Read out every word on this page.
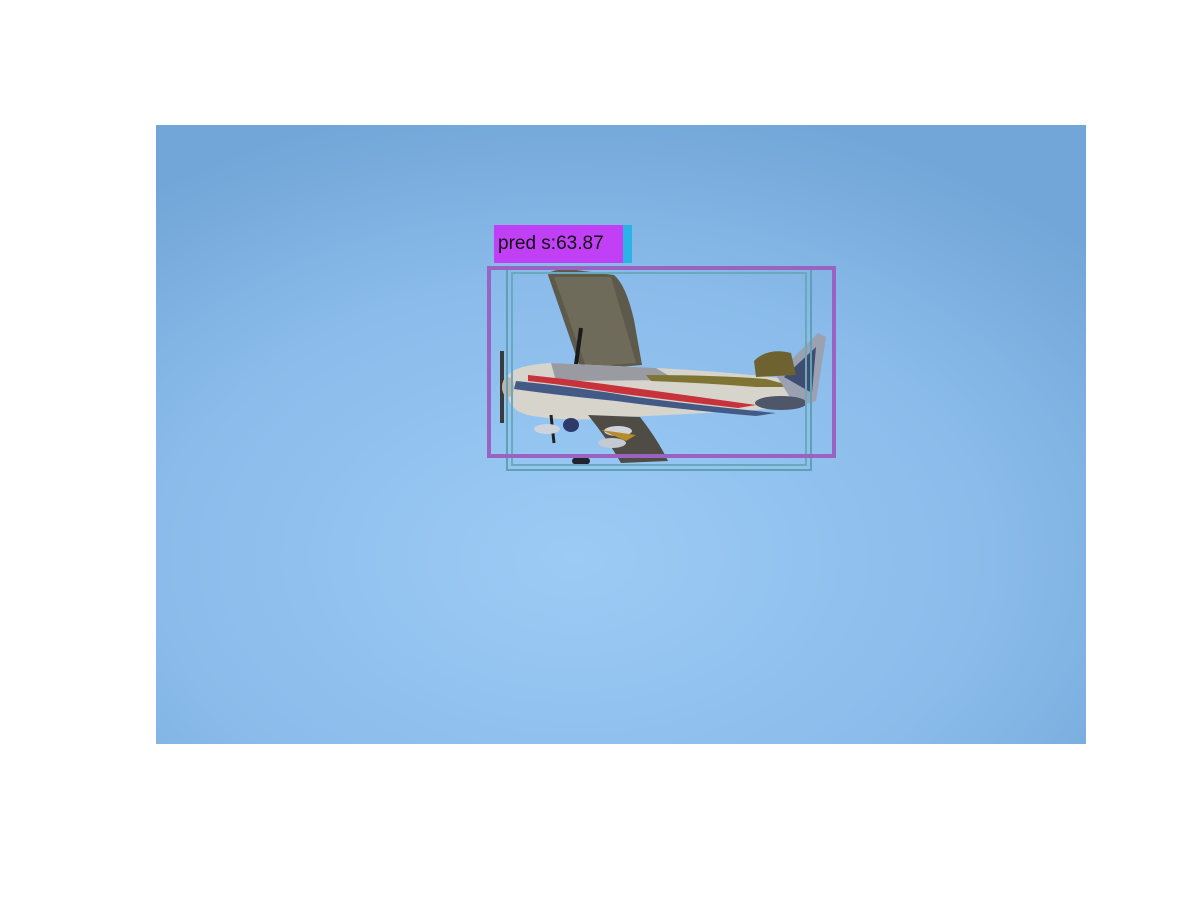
pred s:63.87
